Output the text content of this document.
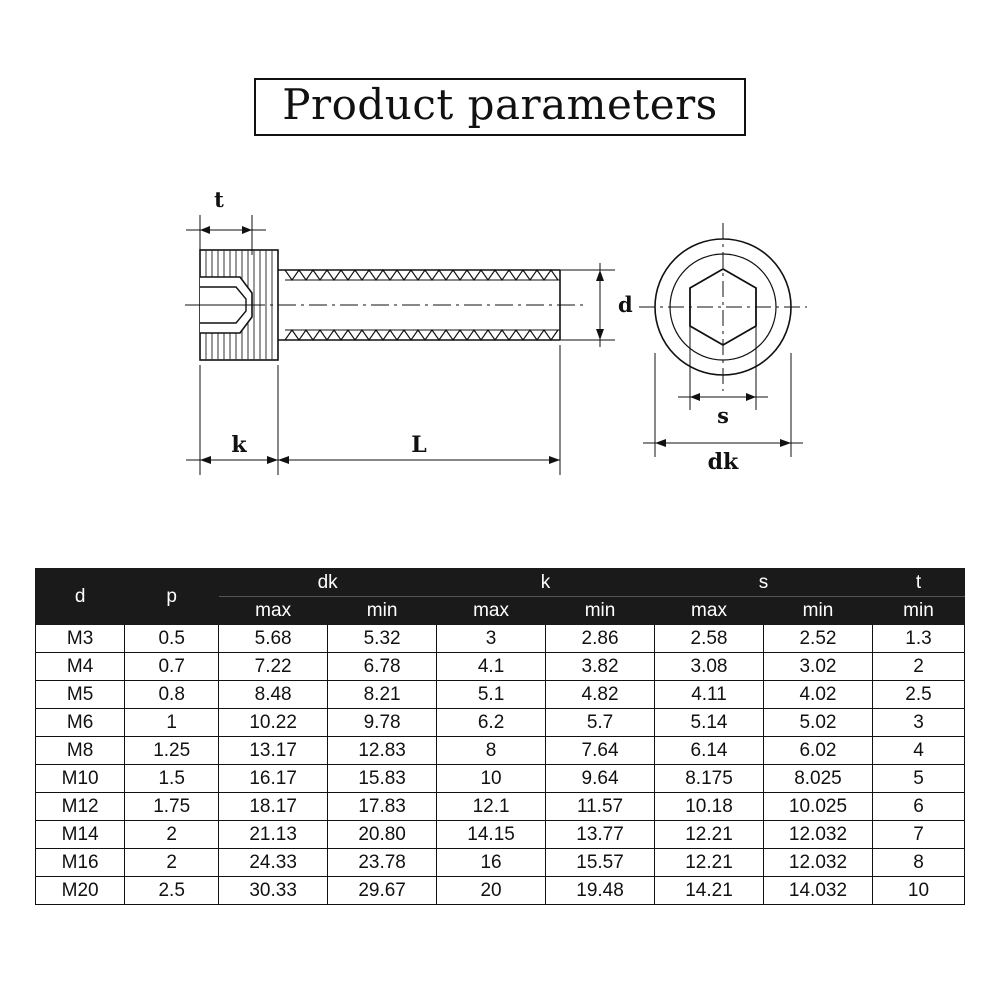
Product parameters
t
d
k	L
s
dk
d	p	dk		k		s		t
		max	min	max	min	max	min	min
M3	0.5	5.68	5.32	3	2.86	2.58	2.52	1.3
M4	0.7	7.22	6.78	4.1	3.82	3.08	3.02	2
M5	0.8	8.48	8.21	5.1	4.82	4.11	4.02	2.5
M6	1	10.22	9.78	6.2	5.7	5.14	5.02	3
M8	1.25	13.17	12.83	8	7.64	6.14	6.02	4
M10	1.5	16.17	15.83	10	9.64	8.175	8.025	5
M12	1.75	18.17	17.83	12.1	11.57	10.18	10.025	6
M14	2	21.13	20.80	14.15	13.77	12.21	12.032	7
M16	2	24.33	23.78	16	15.57	12.21	12.032	8
M20	2.5	30.33	29.67	20	19.48	14.21	14.032	10
